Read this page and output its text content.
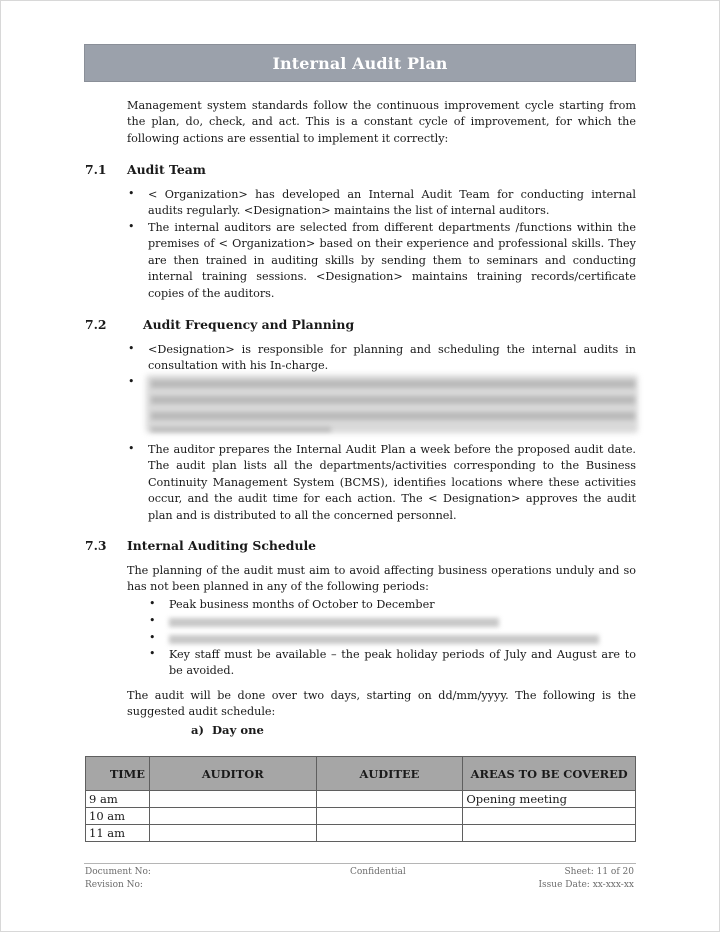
Internal Audit Plan
Management system standards follow the continuous improvement cycle starting from the plan, do, check, and act. This is a constant cycle of improvement, for which the following actions are essential to implement it correctly:
7.1 Audit Team
• < Organization> has developed an Internal Audit Team for conducting internal audits regularly. <Designation> maintains the list of internal auditors.
• The internal auditors are selected from different departments /functions within the premises of < Organization> based on their experience and professional skills. They are then trained in auditing skills by sending them to seminars and conducting internal training sessions. <Designation> maintains training records/certificate copies of the auditors.
7.2	Audit Frequency and Planning
• <Designation> is responsible for planning and scheduling the internal audits in consultation with his In-charge.
•
• The auditor prepares the Internal Audit Plan a week before the proposed audit date. The audit plan lists all the departments/activities corresponding to the Business Continuity Management System (BCMS), identifies locations where these activities occur, and the audit time for each action. The < Designation> approves the audit plan and is distributed to all the concerned personnel.
7.3 Internal Auditing Schedule
The planning of the audit must aim to avoid affecting business operations unduly and so has not been planned in any of the following periods:
• Peak business months of October to December
•
•
• Key staff must be available – the peak holiday periods of July and August are to be avoided.
The audit will be done over two days, starting on dd/mm/yyyy. The following is the suggested audit schedule:
a) Day one
TIME	AUDITOR	AUDITEE	AREAS TO BE COVERED
9 am			Opening meeting
10 am			
11 am			
Document No:
Revision No:
Confidential	Sheet: 11 of 20
Issue Date: xx-xxx-xx
